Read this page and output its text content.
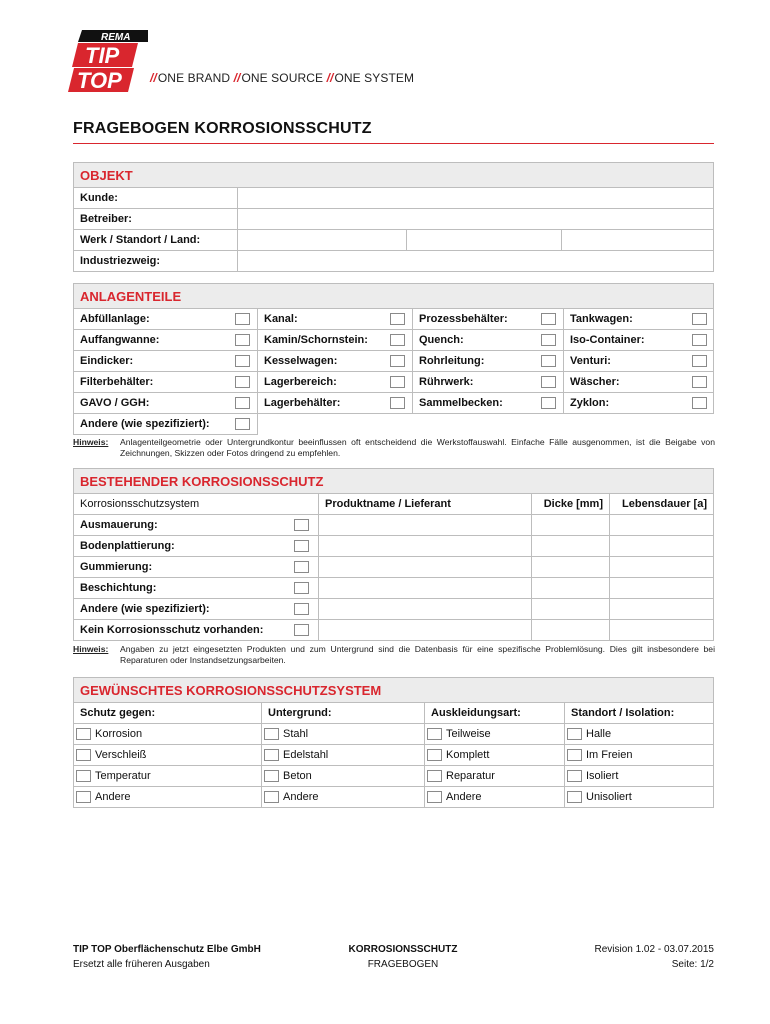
REMA
TIP
TOP //ONE BRAND //ONE SOURCE //ONE SYSTEM
FRAGEBOGEN KORROSIONSSCHUTZ
OBJEKT			
Kunde:			
Betreiber:			
Werk / Standort / Land:			
Industriezweig:			
ANLAGENTEILE							
Abfüllanlage:		Kanal:		Prozessbehälter:		Tankwagen:	
Auffangwanne:		Kamin/Schornstein:		Quench:		Iso-Container:	
Eindicker:		Kesselwagen:		Rohrleitung:		Venturi:	
Filterbehälter:		Lagerbereich:		Rührwerk:		Wäscher:	
GAVO / GGH:		Lagerbehälter:		Sammelbecken:		Zyklon:	
Andere (wie spezifiziert):							
Hinweis: Anlagenteilgeometrie oder Untergrundkontur beeinflussen oft entscheidend die Werkstoffauswahl. Einfache Fälle ausgenommen, ist die Beigabe von Zeichnungen, Skizzen oder Fotos dringend zu empfehlen.
BESTEHENDER KORROSIONSSCHUTZ				
Korrosionsschutzsystem		Produktname / Lieferant	Dicke [mm]	Lebensdauer [a]
Ausmauerung:				
Bodenplattierung:				
Gummierung:				
Beschichtung:				
Andere (wie spezifiziert):				
Kein Korrosionsschutz vorhanden:				
Hinweis: Angaben zu jetzt eingesetzten Produkten und zum Untergrund sind die Datenbasis für eine spezifische Problemlösung. Dies gilt insbesondere bei Reparaturen oder Instandsetzungsarbeiten.
GEWÜNSCHTES KORROSIONSSCHUTZSYSTEM			
Schutz gegen:	Untergrund:	Auskleidungsart:	Standort / Isolation:
Korrosion	Stahl	Teilweise	Halle
Verschleiß	Edelstahl	Komplett	Im Freien
Temperatur	Beton	Reparatur	Isoliert
Andere	Andere	Andere	Unisoliert
TIP TOP Oberflächenschutz Elbe GmbH
Ersetzt alle früheren Ausgaben
KORROSIONSSCHUTZ
FRAGEBOGEN
Revision 1.02 - 03.07.2015
Seite: 1/2
